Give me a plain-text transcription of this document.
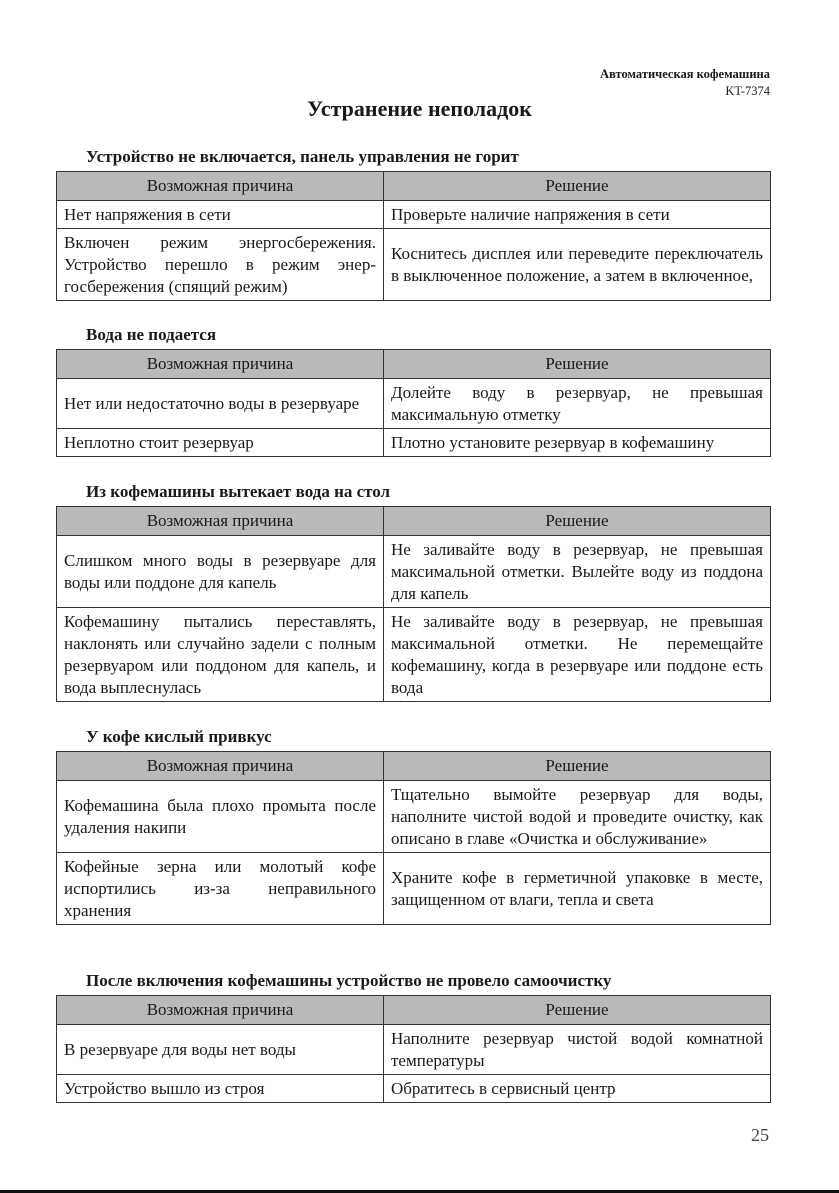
Автоматическая кофемашина
KT-7374
Устранение неполадок
Устройство не включается, панель управления не горит
Возможная причина	Решение
Нет напряжения в сети	Проверьте наличие напряжения в сети
Включен режим энергосбережения. Устройство перешло в режим энергосбережения (спящий режим)	Коснитесь дисплея или переведите переключатель в выключенное положение, а затем в включенное,
Вода не подается
Возможная причина	Решение
Нет или недостаточно воды в резервуаре	Долейте воду в резервуар, не превышая максимальную отметку
Неплотно стоит резервуар	Плотно установите резервуар в кофемашину
Из кофемашины вытекает вода на стол
Возможная причина	Решение
Слишком много воды в резервуаре для воды или поддоне для капель	Не заливайте воду в резервуар, не превышая максимальной отметки. Вылейте воду из поддона для капель
Кофемашину пытались переставлять, наклонять или случайно задели с полным резервуаром или поддоном для капель, и вода выплеснулась	Не заливайте воду в резервуар, не превышая максимальной отметки. Не перемещайте кофемашину, когда в резервуаре или поддоне есть вода
У кофе кислый привкус
Возможная причина	Решение
Кофемашина была плохо промыта после удаления накипи	Тщательно вымойте резервуар для воды, наполните чистой водой и проведите очистку, как описано в главе «Очистка и обслуживание»
Кофейные зерна или молотый кофе испортились из-за неправильного хранения	Храните кофе в герметичной упаковке в месте, защищенном от влаги, тепла и света
После включения кофемашины устройство не провело самоочистку
Возможная причина	Решение
В резервуаре для воды нет воды	Наполните резервуар чистой водой комнатной температуры
Устройство вышло из строя	Обратитесь в сервисный центр
25
